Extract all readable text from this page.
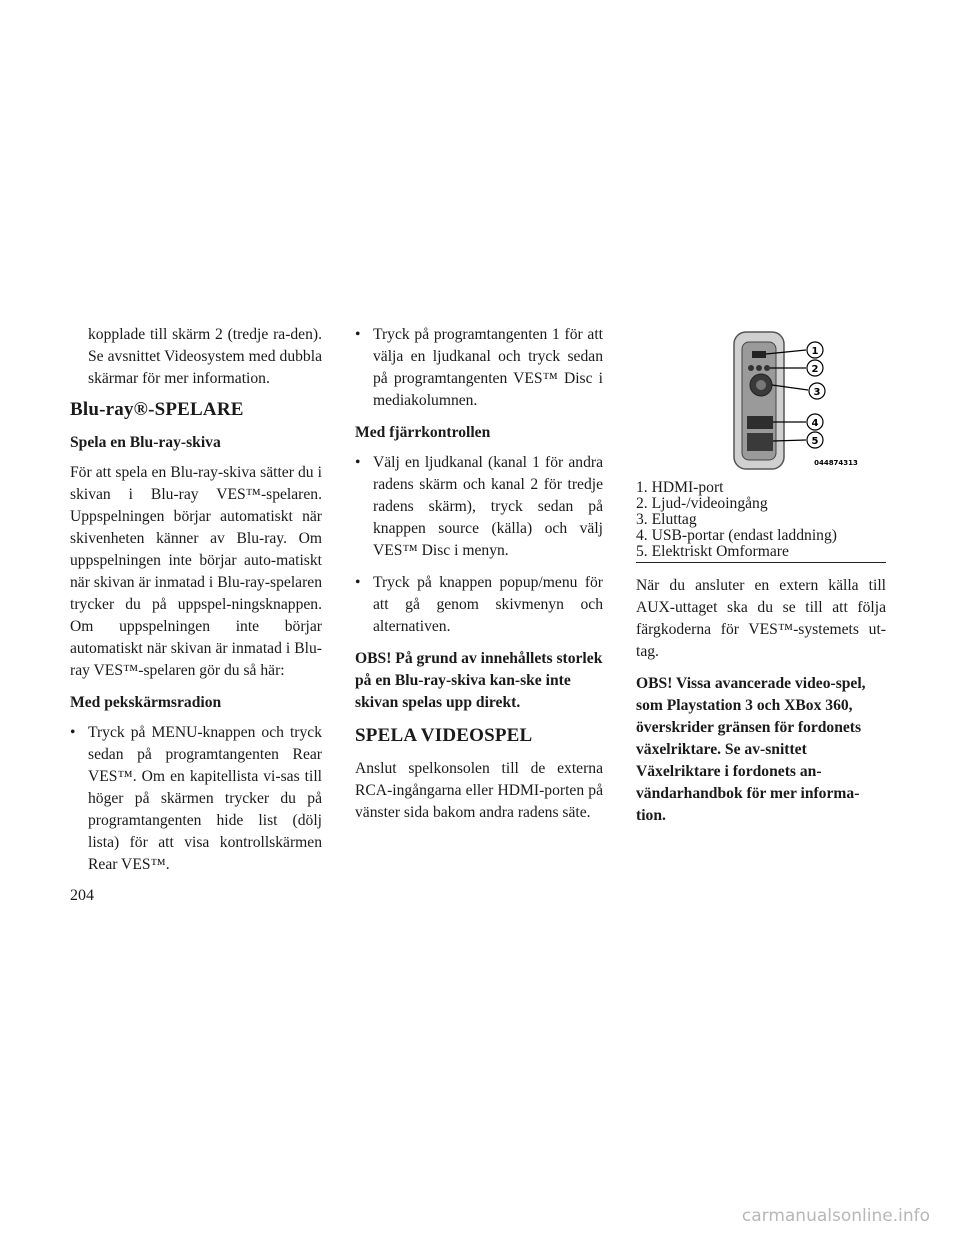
kopplade till skärm 2 (tredje ra-den). Se avsnittet Videosystem med dubbla skärmar för mer information.

Blu-ray®-SPELARE
Spela en Blu-ray-skiva

För att spela en Blu-ray-skiva sätter du i skivan i Blu-ray VES™-spelaren. Uppspelningen börjar automatiskt när skivenheten känner av Blu-ray. Om uppspelningen inte börjar auto-matiskt när skivan är inmatad i Blu-ray-spelaren trycker du på uppspel-ningsknappen. Om uppspelningen inte börjar automatiskt när skivan är inmatad i Blu-ray VES™-spelaren gör du så här:

Med pekskärmsradion
• Tryck på MENU-knappen och tryck sedan på programtangenten Rear VES™. Om en kapitellista vi-sas till höger på skärmen trycker du på programtangenten hide list (dölj lista) för att visa kontrollskärmen Rear VES™.
• Tryck på programtangenten 1 för att välja en ljudkanal och tryck sedan på programtangenten VES™ Disc i mediakolumnen.
Med fjärrkontrollen
• Välj en ljudkanal (kanal 1 för andra radens skärm och kanal 2 för tredje radens skärm), tryck sedan på knappen source (källa) och välj VES™ Disc i menyn.
• Tryck på knappen popup/menu för att gå genom skivmenyn och alternativen.

OBS! På grund av innehållets storlek på en Blu-ray-skiva kan-ske inte skivan spelas upp direkt.

SPELA VIDEOSPEL

Anslut spelkonsolen till de externa RCA-ingångarna eller HDMI-porten på vänster sida bakom andra radens säte.

1
2
3
4
5
044874313
1. HDMI-port
2. Ljud-/videoingång
3. Eluttag
4. USB-portar (endast laddning)
5. Elektriskt Omformare

När du ansluter en extern källa till AUX-uttaget ska du se till att följa färgkoderna för VES™-systemets ut-tag.

OBS! Vissa avancerade video-spel, som Playstation 3 och XBox 360, överskrider gränsen för fordonets växelriktare. Se av-snittet Växelriktare i fordonets an-vändarhandbok för mer informa-tion.

204
carmanualsonline.info
